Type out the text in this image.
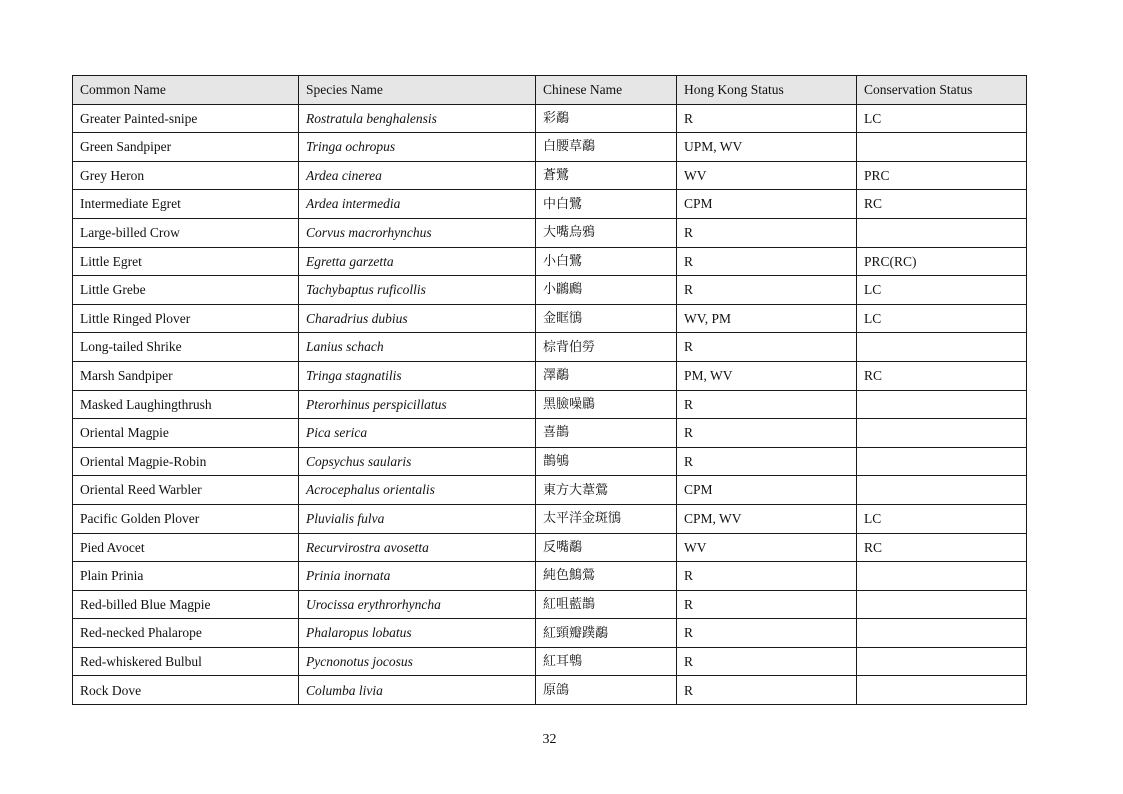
Common Name	Species Name	Chinese Name	Hong Kong Status	Conservation Status
Greater Painted-snipe	Rostratula benghalensis	彩鷸	R	LC
Green Sandpiper	Tringa ochropus	白腰草鷸	UPM, WV	
Grey Heron	Ardea cinerea	蒼鷺	WV	PRC
Intermediate Egret	Ardea intermedia	中白鷺	CPM	RC
Large-billed Crow	Corvus macrorhynchus	大嘴烏鴉	R	
Little Egret	Egretta garzetta	小白鷺	R	PRC(RC)
Little Grebe	Tachybaptus ruficollis	小鸊鷉	R	LC
Little Ringed Plover	Charadrius dubius	金眶鴴	WV, PM	LC
Long-tailed Shrike	Lanius schach	棕背伯勞	R	
Marsh Sandpiper	Tringa stagnatilis	澤鷸	PM, WV	RC
Masked Laughingthrush	Pterorhinus perspicillatus	黑臉噪鶥	R	
Oriental Magpie	Pica serica	喜鵲	R	
Oriental Magpie-Robin	Copsychus saularis	鵲鴝	R	
Oriental Reed Warbler	Acrocephalus orientalis	東方大葦鶯	CPM	
Pacific Golden Plover	Pluvialis fulva	太平洋金斑鴴	CPM, WV	LC
Pied Avocet	Recurvirostra avosetta	反嘴鷸	WV	RC
Plain Prinia	Prinia inornata	純色鷦鶯	R	
Red-billed Blue Magpie	Urocissa erythrorhyncha	紅咀藍鵲	R	
Red-necked Phalarope	Phalaropus lobatus	紅頸瓣蹼鷸	R	
Red-whiskered Bulbul	Pycnonotus jocosus	紅耳鵯	R	
Rock Dove	Columba livia	原鴿	R	
32
